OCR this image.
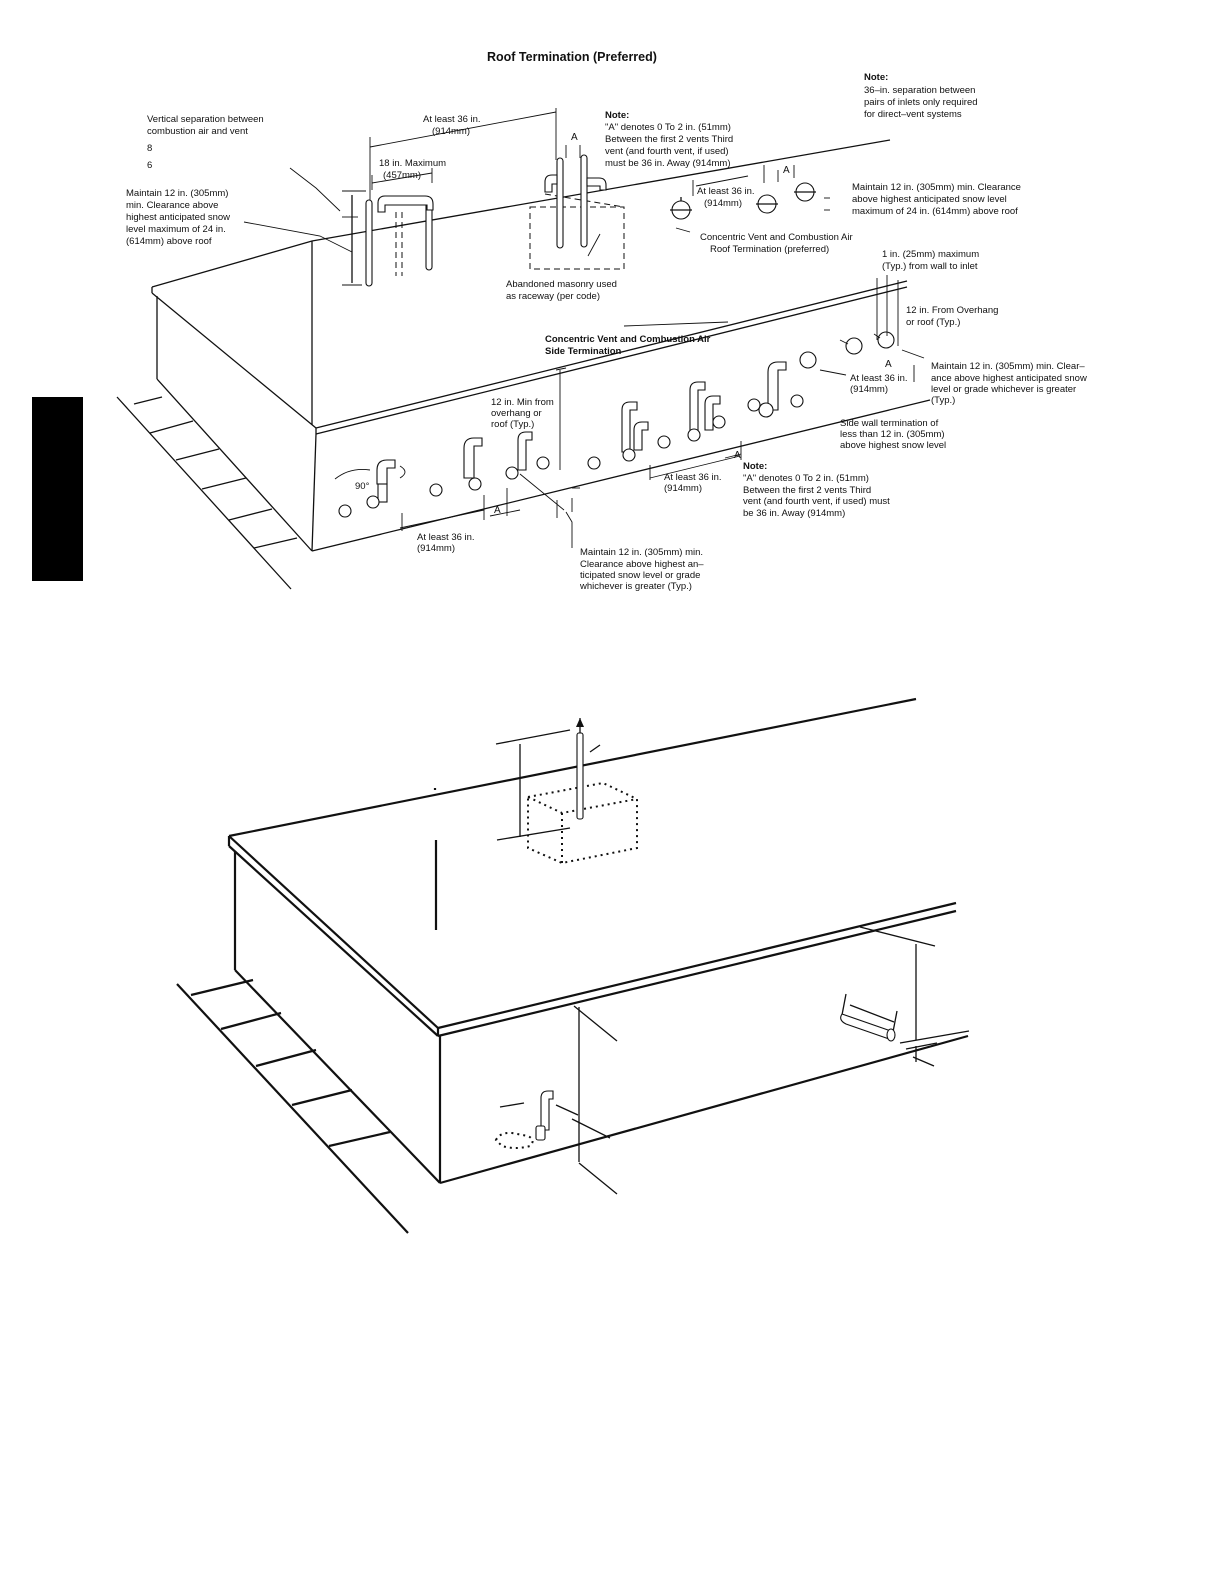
A
A
A
A
A
Roof Termination (Preferred)
Note:
36–in. separation between
pairs of inlets only required
for direct–vent systems
Vertical separation between
combustion air and vent
8
6
At least 36 in.
(914mm)
Note:
"A" denotes 0 To 2 in. (51mm)
Between the first 2 vents Third
vent (and fourth vent, if used)
must be 36 in. Away (914mm)
18 in. Maximum
(457mm)
Maintain 12 in. (305mm)
min. Clearance above
highest anticipated snow
level maximum of 24 in.
(614mm) above roof
At least 36 in.
(914mm)
Maintain 12 in. (305mm) min. Clearance
above highest anticipated snow level
maximum of 24 in. (614mm) above roof
Concentric Vent and Combustion Air
Roof Termination (preferred)	1 in. (25mm) maximum
(Typ.) from wall to inlet
Abandoned masonry used
as raceway (per code)
12 in. From Overhang
or roof (Typ.)
Concentric Vent and Combustion Air
Side Termination
Maintain 12 in. (305mm) min. Clear–
ance above highest anticipated snow
level or grade whichever is greater
(Typ.)
At least 36 in.
(914mm)
12 in. Min from
overhang or
roof (Typ.)	Side wall termination of
less than 12 in. (305mm)
above highest snow level
Note:
"A" denotes 0 To 2 in. (51mm)
Between the first 2 vents Third
vent (and fourth vent, if used) must
be 36 in. Away (914mm)
At least 36 in.
(914mm)
90°
At least 36 in.
(914mm)	Maintain 12 in. (305mm) min.
Clearance above highest an–
ticipated snow level or grade
whichever is greater (Typ.)
